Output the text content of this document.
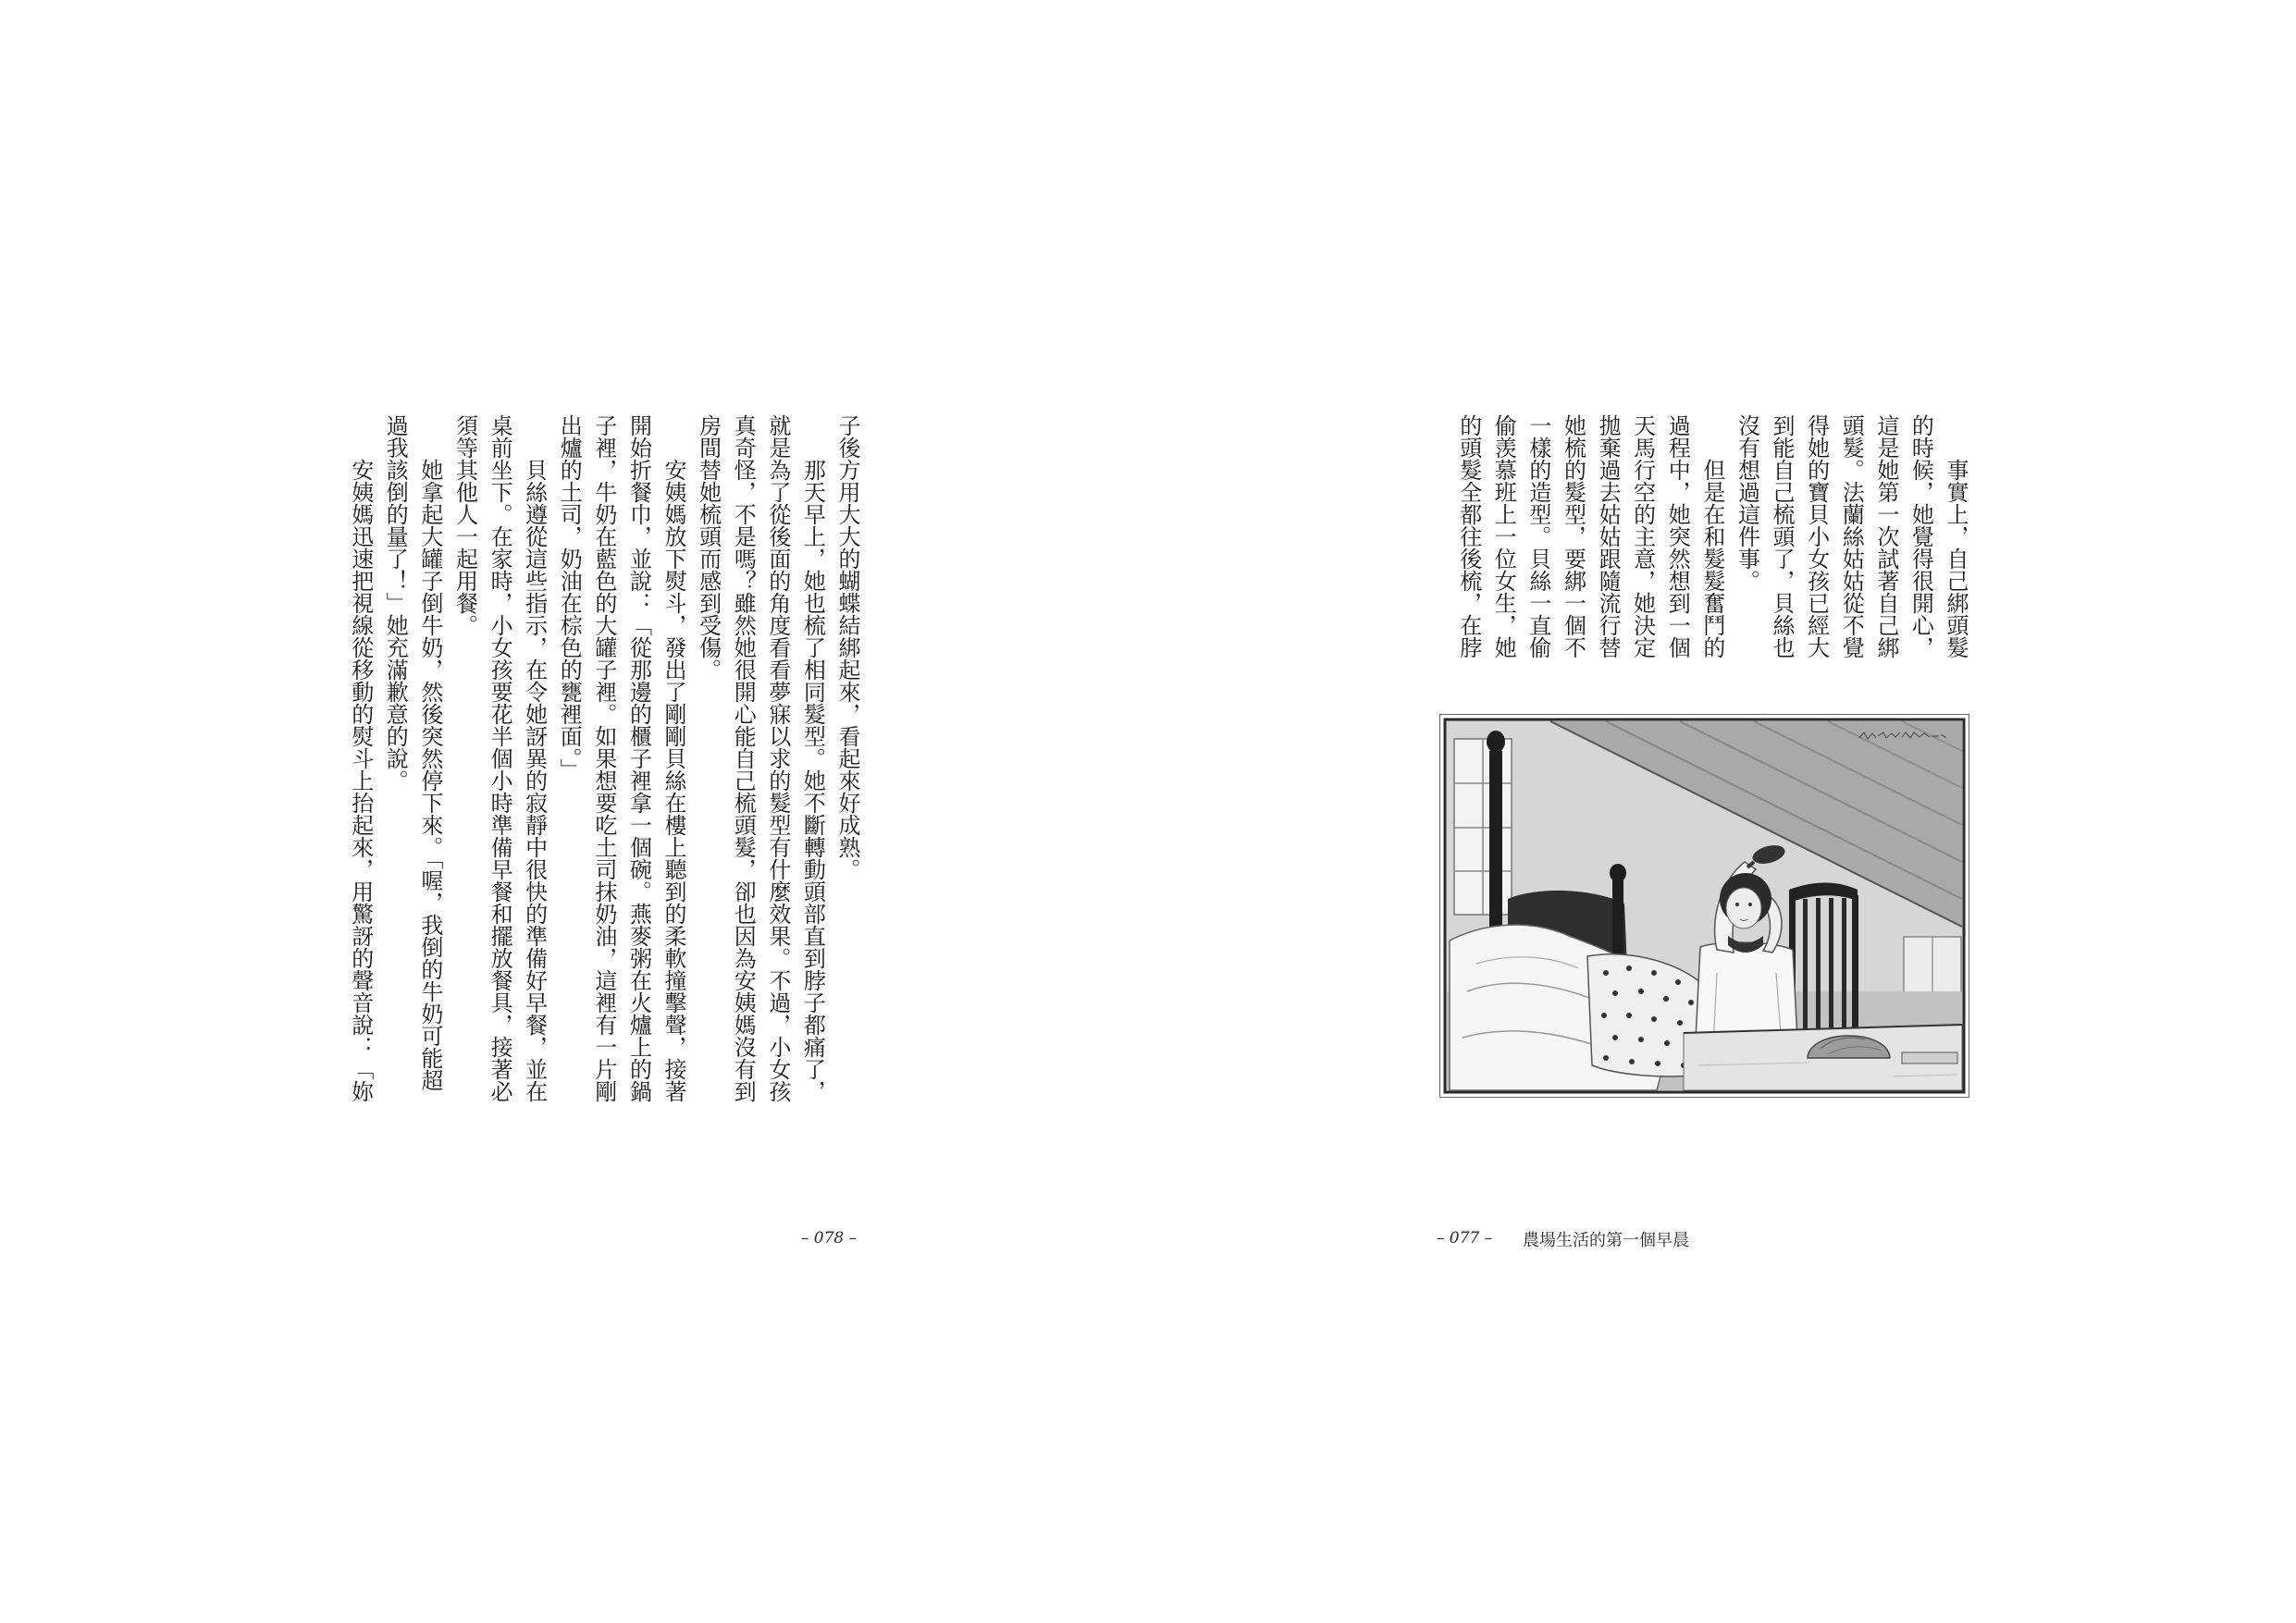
子後方用大大的蝴蝶結綁起來，看起來好成熟。
那天早上，她也梳了相同髮型。她不斷轉動頭部直到脖子都痛了，
就是為了從後面的角度看看夢寐以求的髮型有什麼效果。不過，小女孩
真奇怪，不是嗎？雖然她很開心能自己梳頭髮，卻也因為安姨媽沒有到
房間替她梳頭而感到受傷。
安姨媽放下熨斗，發出了剛剛貝絲在樓上聽到的柔軟撞擊聲，接著
開始折餐巾，並說：「從那邊的櫃子裡拿一個碗。燕麥粥在火爐上的鍋
子裡，牛奶在藍色的大罐子裡。如果想要吃土司抹奶油，這裡有一片剛
出爐的土司，奶油在棕色的甕裡面。」
貝絲遵從這些指示，在令她訝異的寂靜中很快的準備好早餐，並在
桌前坐下。在家時，小女孩要花半個小時準備早餐和擺放餐具，接著必
須等其他人一起用餐。
她拿起大罐子倒牛奶，然後突然停下來。「喔，我倒的牛奶可能超
過我該倒的量了！」她充滿歉意的說。
安姨媽迅速把視線從移動的熨斗上抬起來，用驚訝的聲音說：「妳
– 078 –
事實上，自己綁頭髮
的時候，她覺得很開心，
這是她第一次試著自己綁
頭髮。法蘭絲姑姑從不覺
得她的寶貝小女孩已經大
到能自己梳頭了，貝絲也
沒有想過這件事。
但是在和髮髮奮鬥的
過程中，她突然想到一個
天馬行空的主意，她決定
拋棄過去姑姑跟隨流行替
她梳的髮型，要綁一個不
一樣的造型。貝絲一直偷
偷羡慕班上一位女生，她
的頭髮全都往後梳，在脖
– 077 –	農場生活的第一個早晨
